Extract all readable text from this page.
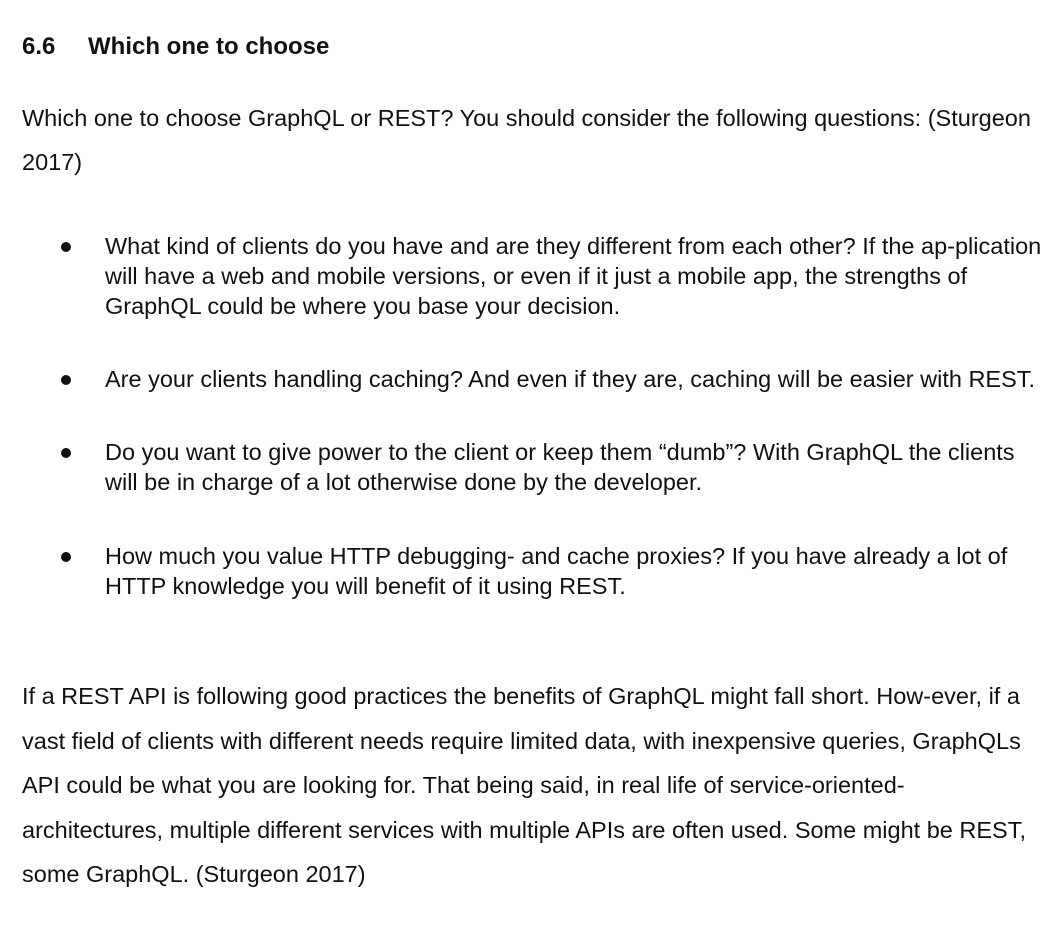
6.6 Which one to choose

Which one to choose GraphQL or REST? You should consider the following questions: (Sturgeon 2017)

What kind of clients do you have and are they different from each other? If the ap-plication will have a web and mobile versions, or even if it just a mobile app, the strengths of GraphQL could be where you base your decision.
Are your clients handling caching? And even if they are, caching will be easier with REST.
Do you want to give power to the client or keep them “dumb”? With GraphQL the clients will be in charge of a lot otherwise done by the developer.
How much you value HTTP debugging- and cache proxies? If you have already a lot of HTTP knowledge you will benefit of it using REST.

If a REST API is following good practices the benefits of GraphQL might fall short. How-ever, if a vast field of clients with different needs require limited data, with inexpensive queries, GraphQLs API could be what you are looking for. That being said, in real life of service-oriented-architectures, multiple different services with multiple APIs are often used. Some might be REST, some GraphQL. (Sturgeon 2017)
